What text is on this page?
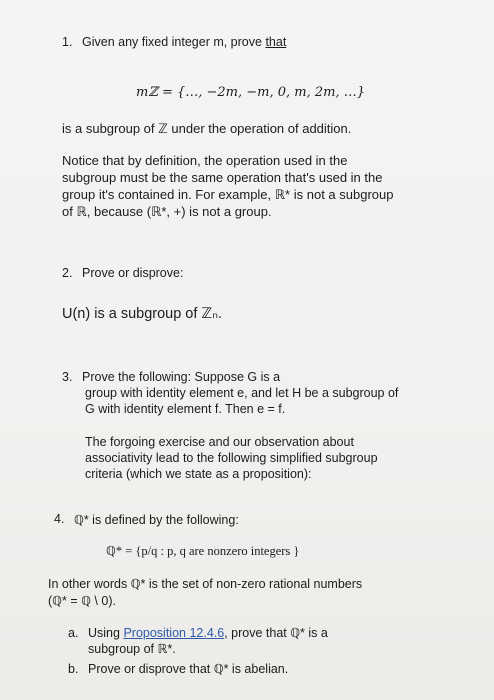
1. Given any fixed integer m, prove that
mℤ = {…, −2m, −m, 0, m, 2m, …}
is a subgroup of ℤ under the operation of addition.
Notice that by definition, the operation used in the
subgroup must be the same operation that's used in the
group it's contained in. For example, ℝ* is not a subgroup
of ℝ, because (ℝ*, +) is not a group.
2. Prove or disprove:
U(n) is a subgroup of ℤₙ.
3. Prove the following: Suppose G is a
group with identity element e, and let H be a subgroup of
G with identity element f. Then e = f.
The forgoing exercise and our observation about
associativity lead to the following simplified subgroup
criteria (which we state as a proposition):
4. ℚ* is defined by the following:
ℚ* = {p/q : p, q are nonzero integers }
In other words ℚ* is the set of non-zero rational numbers
(ℚ* = ℚ \ 0).
a. Using Proposition 12.4.6, prove that ℚ* is a
subgroup of ℝ*.
b. Prove or disprove that ℚ* is abelian.
